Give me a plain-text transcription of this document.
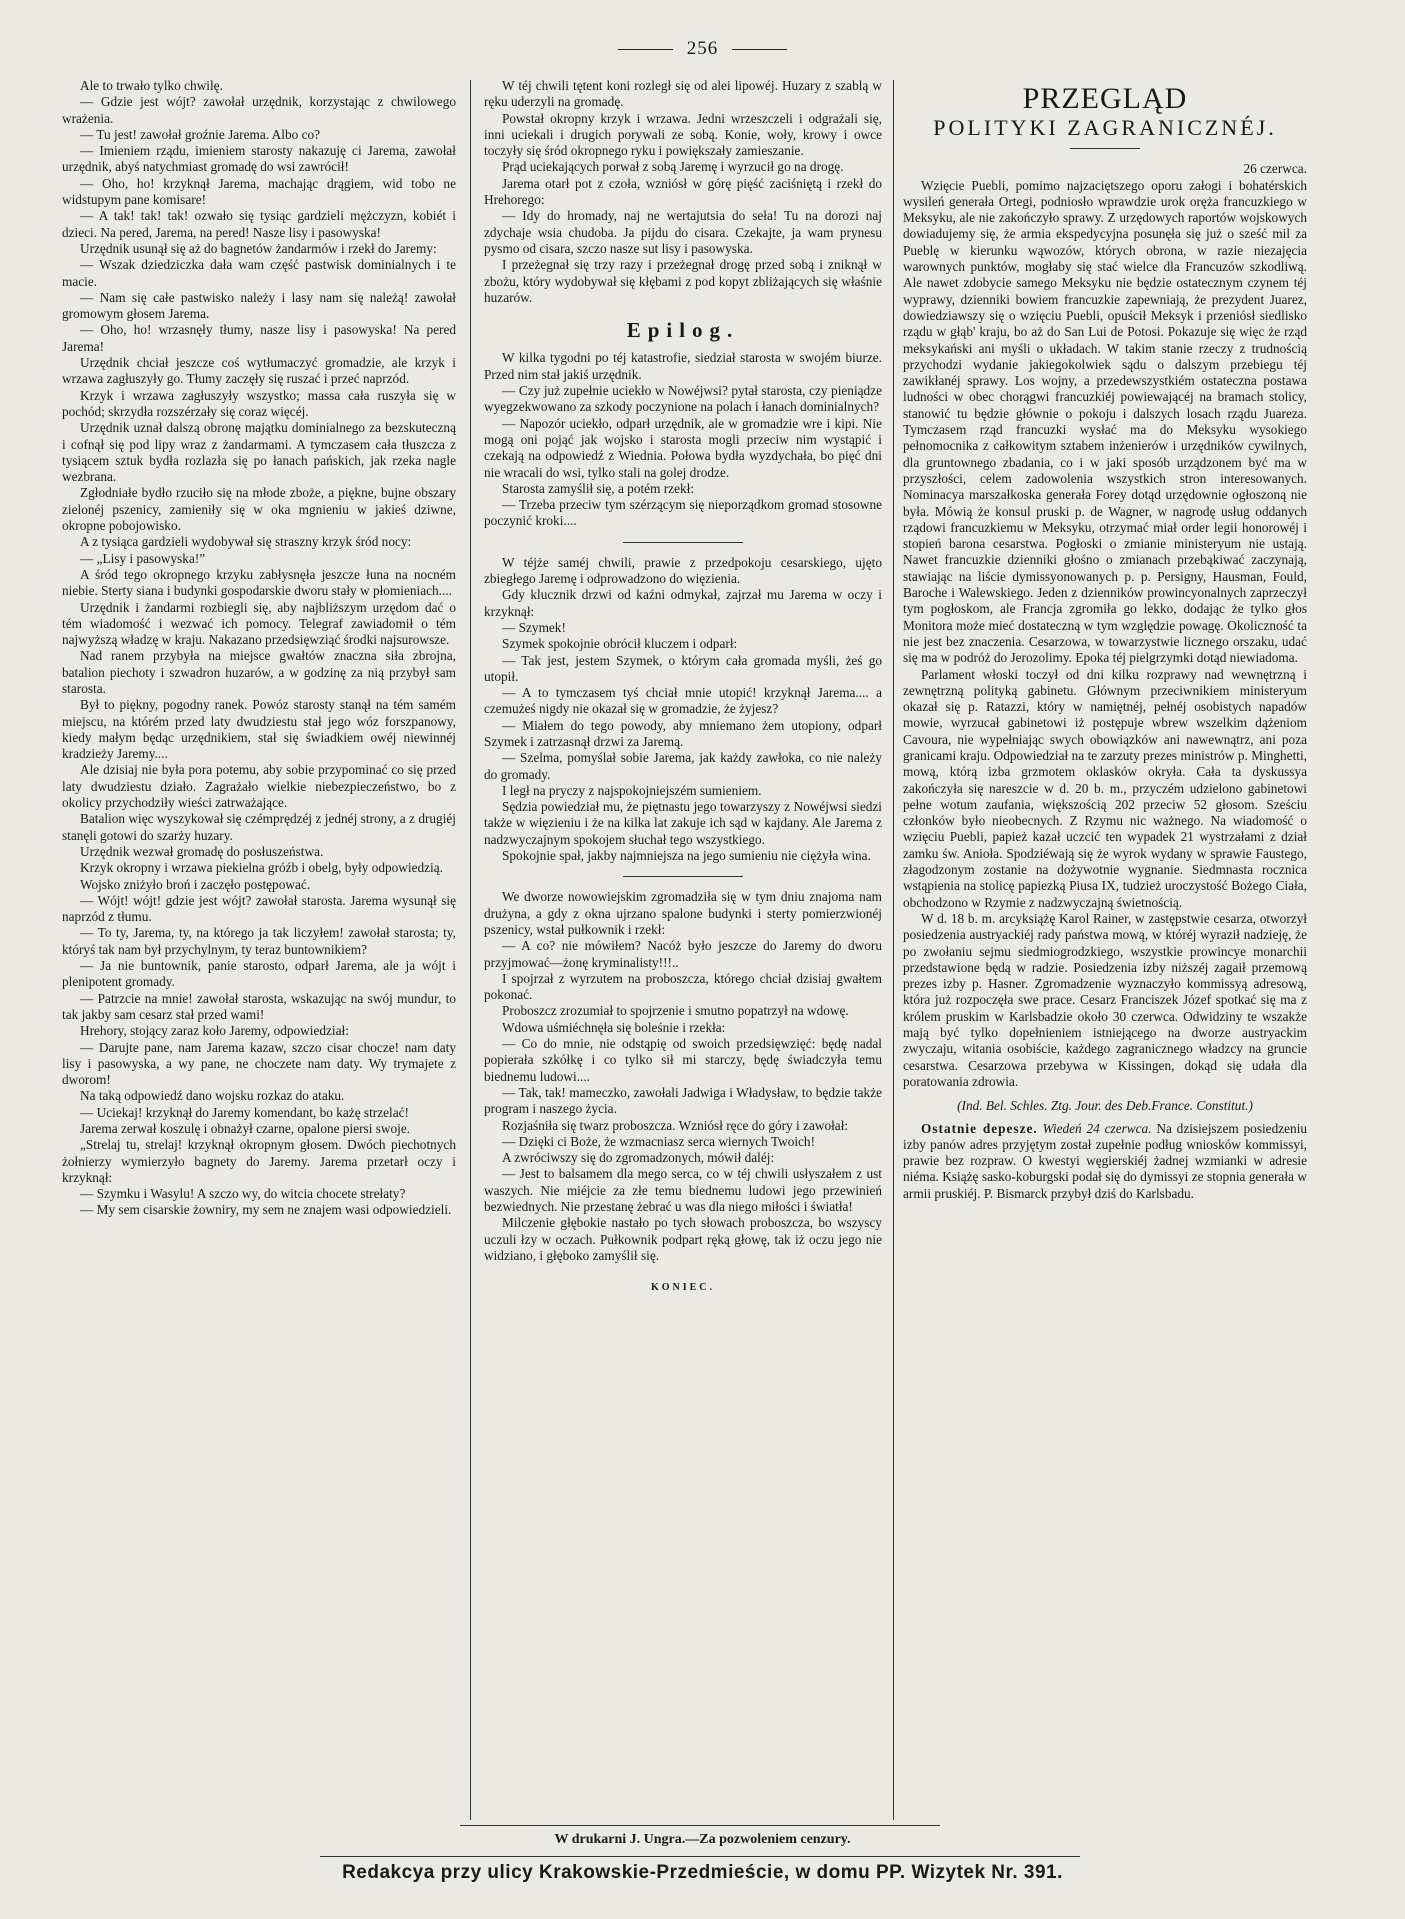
256

Ale to trwało tylko chwilę.

— Gdzie jest wójt? zawołał urzędnik, korzystając z chwilowego wrażenia.

— Tu jest! zawołał groźnie Jarema. Albo co?

— Imieniem rządu, imieniem starosty nakazuję ci Jarema, zawołał urzędnik, abyś natychmiast gromadę do wsi zawrócił!

— Oho, ho! krzyknął Jarema, machając drągiem, wid tobo ne widstupym pane komisare!

— A tak! tak! tak! ozwało się tysiąc gardzieli mężczyzn, kobiét i dzieci. Na pered, Jarema, na pered! Nasze lisy i pasowyska!

Urzędnik usunął się aż do bagnetów żandarmów i rzekł do Jaremy:

— Wszak dziedziczka dała wam część pastwisk dominialnych i te macie.

— Nam się całe pastwisko należy i lasy nam się należą! zawołał gromowym głosem Jarema.

— Oho, ho! wrzasnęły tłumy, nasze lisy i pasowyska! Na pered Jarema!

Urzędnik chciał jeszcze coś wytłumaczyć gromadzie, ale krzyk i wrzawa zagłuszyły go. Tłumy zaczęły się ruszać i przeć naprzód.

Krzyk i wrzawa zagłuszyły wszystko; massa cała ruszyła się w pochód; skrzydła rozszérzały się coraz więcéj.

Urzędnik uznał dalszą obronę majątku dominialnego za bezskuteczną i cofnął się pod lipy wraz z żandarmami. A tymczasem cała tłuszcza z tysiącem sztuk bydła rozlazła się po łanach pańskich, jak rzeka nagle wezbrana.

Zgłodniałe bydło rzuciło się na młode zboże, a piękne, bujne obszary zielonéj pszenicy, zamieniły się w oka mgnieniu w jakieś dziwne, okropne pobojowisko.

A z tysiąca gardzieli wydobywał się straszny krzyk śród nocy:

— „Lisy i pasowyska!”

A śród tego okropnego krzyku zabłysnęła jeszcze łuna na nocném niebie. Sterty siana i budynki gospodarskie dworu stały w płomieniach....

Urzędnik i żandarmi rozbiegli się, aby najbliższym urzędom dać o tém wiadomość i wezwać ich pomocy. Telegraf zawiadomił o tém najwyższą władzę w kraju. Nakazano przedsięwziąć środki najsurowsze.

Nad ranem przybyła na miejsce gwałtów znaczna siła zbrojna, batalion piechoty i szwadron huzarów, a w godzinę za nią przybył sam starosta.

Był to piękny, pogodny ranek. Powóz starosty stanął na tém samém miejscu, na którém przed laty dwudziestu stał jego wóz forszpanowy, kiedy małym będąc urzędnikiem, stał się świadkiem owéj niewinnéj kradzieży Jaremy....

Ale dzisiaj nie była pora potemu, aby sobie przypominać co się przed laty dwudziestu działo. Zagrażało wielkie niebezpieczeństwo, bo z okolicy przychodziły wieści zatrważające.

Batalion więc wyszykował się czémprędzéj z jednéj strony, a z drugiéj stanęli gotowi do szarży huzary.

Urzędnik wezwał gromadę do posłuszeństwa.

Krzyk okropny i wrzawa piekielna gróźb i obelg, były odpowiedzią.

Wojsko zniżyło broń i zaczęło postępować.

— Wójt! wójt! gdzie jest wójt? zawołał starosta. Jarema wysunął się naprzód z tłumu.

— To ty, Jarema, ty, na którego ja tak liczyłem! zawołał starosta; ty, któryś tak nam był przychylnym, ty teraz buntownikiem?

— Ja nie buntownik, panie starosto, odparł Jarema, ale ja wójt i plenipotent gromady.

— Patrzcie na mnie! zawołał starosta, wskazując na swój mundur, to tak jakby sam cesarz stał przed wami!

Hrehory, stojący zaraz koło Jaremy, odpowiedział:

— Darujte pane, nam Jarema kazaw, szczo cisar chocze! nam daty lisy i pasowyska, a wy pane, ne choczete nam daty. Wy trymajete z dworom!

Na taką odpowiedź dano wojsku rozkaz do ataku.

— Uciekaj! krzyknął do Jaremy komendant, bo każę strzelać!

Jarema zerwał koszulę i obnażył czarne, opalone piersi swoje.

„Strelaj tu, strelaj! krzyknął okropnym głosem. Dwóch piechotnych żołnierzy wymierzyło bagnety do Jaremy. Jarema przetarł oczy i krzyknął:

— Szymku i Wasylu! A szczo wy, do witcia chocete strełaty?

— My sem cisarskie żowniry, my sem ne znajem wasi odpowiedzieli.

W téj chwili tętent koni rozległ się od alei lipowéj. Huzary z szablą w ręku uderzyli na gromadę.

Powstał okropny krzyk i wrzawa. Jedni wrzeszczeli i odgrażali się, inni uciekali i drugich porywali ze sobą. Konie, woły, krowy i owce toczyły się śród okropnego ryku i powiększały zamieszanie.

Prąd uciekających porwał z sobą Jaremę i wyrzucił go na drogę.

Jarema otarł pot z czoła, wzniósł w górę pięść zaciśniętą i rzekł do Hrehorego:

— Idy do hromady, naj ne wertajutsia do seła! Tu na dorozi naj zdychaje wsia chudoba. Ja pijdu do cisara. Czekajte, ja wam prynesu pysmo od cisara, szczo nasze sut lisy i pasowyska.

I przeżegnał się trzy razy i przeżegnał drogę przed sobą i zniknął w zbożu, który wydobywał się kłębami z pod kopyt zbliżających się właśnie huzarów.

Epilog.

W kilka tygodni po téj katastrofie, siedział starosta w swojém biurze. Przed nim stał jakiś urzędnik.

— Czy już zupełnie uciekło w Nowéjwsi? pytał starosta, czy pieniądze wyegzekwowano za szkody poczynione na polach i łanach dominialnych?

— Napozór uciekło, odparł urzędnik, ale w gromadzie wre i kipi. Nie mogą oni pojąć jak wojsko i starosta mogli przeciw nim wystąpić i czekają na odpowiedź z Wiednia. Połowa bydła wyzdychała, bo pięć dni nie wracali do wsi, tylko stali na golej drodze.

Starosta zamyślił się, a potém rzekł:

— Trzeba przeciw tym szérzącym się nieporządkom gromad stosowne poczynić kroki....

W téjże saméj chwili, prawie z przedpokoju cesarskiego, ujęto zbiegłego Jaremę i odprowadzono do więzienia.

Gdy klucznik drzwi od kaźni odmykał, zajrzał mu Jarema w oczy i krzyknął:

— Szymek!

Szymek spokojnie obrócił kluczem i odparł:

— Tak jest, jestem Szymek, o którym cała gromada myśli, żeś go utopił.

— A to tymczasem tyś chciał mnie utopić! krzyknął Jarema.... a czemużeś nigdy nie okazał się w gromadzie, że żyjesz?

— Miałem do tego powody, aby mniemano żem utopiony, odparł Szymek i zatrzasnął drzwi za Jaremą.

— Szelma, pomyślał sobie Jarema, jak każdy zawłoka, co nie należy do gromady.

I legł na pryczy z najspokojniejszém sumieniem.

Sędzia powiedział mu, że piętnastu jego towarzyszy z Nowéjwsi siedzi także w więzieniu i że na kilka lat zakuje ich sąd w kajdany. Ale Jarema z nadzwyczajnym spokojem słuchał tego wszystkiego.

Spokojnie spał, jakby najmniejsza na jego sumieniu nie ciężyła wina.

We dworze nowowiejskim zgromadziła się w tym dniu znajoma nam drużyna, a gdy z okna ujrzano spalone budynki i sterty pomierzwionéj pszenicy, wstał pułkownik i rzekł:

— A co? nie mówiłem? Nacóż było jeszcze do Jaremy do dworu przyjmować—żonę kryminalisty!!!..

I spojrzał z wyrzutem na proboszcza, którego chciał dzisiaj gwałtem pokonać.

Proboszcz zrozumiał to spojrzenie i smutno popatrzył na wdowę.

Wdowa uśmiéchnęła się boleśnie i rzekła:

— Co do mnie, nie odstąpię od swoich przedsięwzięć: będę nadal popierała szkółkę i co tylko sił mi starczy, będę świadczyła temu biednemu ludowi....

— Tak, tak! mameczko, zawołali Jadwiga i Władysław, to będzie także program i naszego życia.

Rozjaśniła się twarz proboszcza. Wzniósł ręce do góry i zawołał:

— Dzięki ci Boże, że wzmacniasz serca wiernych Twoich!

A zwróciwszy się do zgromadzonych, mówił daléj:

— Jest to balsamem dla mego serca, co w téj chwili usłyszałem z ust waszych. Nie miéjcie za złe temu biednemu ludowi jego przewinień bezwiednych. Nie przestanę żebrać u was dla niego miłości i światła!

Milczenie głębokie nastało po tych słowach proboszcza, bo wszyscy uczuli łzy w oczach. Pułkownik podpart ręką głowę, tak iż oczu jego nie widziano, i głęboko zamyślił się.

KONIEC.
PRZEGLĄD
POLITYKI ZAGRANICZNÉJ.
26 czerwca.

Wzięcie Puebli, pomimo najzaciętszego oporu załogi i bohatérskich wysileń generała Ortegi, podniosło wprawdzie urok oręża francuzkiego w Meksyku, ale nie zakończyło sprawy. Z urzędowych raportów wojskowych dowiadujemy się, że armia ekspedycyjna posunęła się już o sześć mil za Pueblę w kierunku wąwozów, których obrona, w razie niezajęcia warownych punktów, mogłaby się stać wielce dla Francuzów szkodliwą. Ale nawet zdobycie samego Meksyku nie będzie ostatecznym czynem téj wyprawy, dzienniki bowiem francuzkie zapewniają, że prezydent Juarez, dowiedziawszy się o wzięciu Puebli, opuścił Meksyk i przeniósł siedlisko rządu w głąb' kraju, bo aż do San Lui de Potosi. Pokazuje się więc że rząd meksykański ani myśli o układach. W takim stanie rzeczy z trudnością przychodzi wydanie jakiegokolwiek sądu o dalszym przebiegu téj zawikłanéj sprawy. Los wojny, a przedewszystkiém ostateczna postawa ludności w obec chorągwi francuzkiéj powiewającéj na bramach stolicy, stanowić tu będzie głównie o pokoju i dalszych losach rządu Juareza. Tymczasem rząd francuzki wysłać ma do Meksyku wysokiego pełnomocnika z całkowitym sztabem inżenierów i urzędników cywilnych, dla gruntownego zbadania, co i w jaki sposób urządzonem być ma w przyszłości, celem zadowolenia wszystkich stron interesowanych. Nominacya marszałkoska generała Forey dotąd urzędownie ogłoszoną nie była. Mówią że konsul pruski p. de Wagner, w nagrodę usług oddanych rządowi francuzkiemu w Meksyku, otrzymać miał order legii honorowéj i stopień barona cesarstwa. Pogłoski o zmianie ministeryum nie ustają. Nawet francuzkie dzienniki głośno o zmianach przebąkiwać zaczynają, stawiając na liście dymissyonowanych p. p. Persigny, Hausman, Fould, Baroche i Walewskiego. Jeden z dzienników prowincyonalnych zaprzeczył tym pogłoskom, ale Francja zgromiła go lekko, dodając że tylko głos Monitora może mieć dostateczną w tym względzie powagę. Okoliczność ta nie jest bez znaczenia. Cesarzowa, w towarzystwie licznego orszaku, udać się ma w podróż do Jerozolimy. Epoka téj pielgrzymki dotąd niewiadoma.

Parlament włoski toczył od dni kilku rozprawy nad wewnętrzną i zewnętrzną polityką gabinetu. Głównym przeciwnikiem ministeryum okazał się p. Ratazzi, który w namiętnéj, pełnéj osobistych napadów mowie, wyrzucał gabinetowi iż postępuje wbrew wszelkim dążeniom Cavoura, nie wypełniając swych obowiązków ani nawewnątrz, ani poza granicami kraju. Odpowiedział na te zarzuty prezes ministrów p. Minghetti, mową, którą izba grzmotem oklasków okryła. Cała ta dyskussya zakończyła się nareszcie w d. 20 b. m., przyczém udzielono gabinetowi pełne wotum zaufania, większością 202 przeciw 52 głosom. Sześciu członków było nieobecnych. Z Rzymu nic ważnego. Na wiadomość o wzięciu Puebli, papież kazał uczcić ten wypadek 21 wystrzałami z dział zamku św. Anioła. Spodziéwają się że wyrok wydany w sprawie Faustego, złagodzonym zostanie na dożywotnie wygnanie. Siedmnasta rocznica wstąpienia na stolicę papiezką Piusa IX, tudzież uroczystość Bożego Ciała, obchodzono w Rzymie z nadzwyczajną świetnością.

W d. 18 b. m. arcyksiążę Karol Rainer, w zastępstwie cesarza, otworzył posiedzenia austryackiéj rady państwa mową, w któréj wyraził nadzieję, że po zwołaniu sejmu siedmiogrodzkiego, wszystkie prowincye monarchii przedstawione będą w radzie. Posiedzenia izby niższéj zagaił przemową prezes izby p. Hasner. Zgromadzenie wyznaczyło kommissyą adresową, która już rozpoczęła swe prace. Cesarz Franciszek Józef spotkać się ma z królem pruskim w Karlsbadzie około 30 czerwca. Odwidziny te wszakże mają być tylko dopełnieniem istniejącego na dworze austryackim zwyczaju, witania osobiście, każdego zagranicznego władzcy na gruncie cesarstwa. Cesarzowa przebywa w Kissingen, dokąd się udała dla poratowania zdrowia.

(Ind. Bel. Schles. Ztg. Jour. des Deb.France. Constitut.)

Ostatnie depesze. Wiedeń 24 czerwca. Na dzisiejszem posiedzeniu izby panów adres przyjętym został zupełnie podług wniosków kommissyi, prawie bez rozpraw. O kwestyi węgierskiéj żadnej wzmianki w adresie niéma. Książę sasko-koburgski podał się do dymissyi ze stopnia generała w armii pruskiéj. P. Bismarck przybył dziś do Karlsbadu.

W drukarni J. Ungra.—Za pozwoleniem cenzury.
Redakcya przy ulicy Krakowskie-Przedmieście, w domu PP. Wizytek Nr. 391.
